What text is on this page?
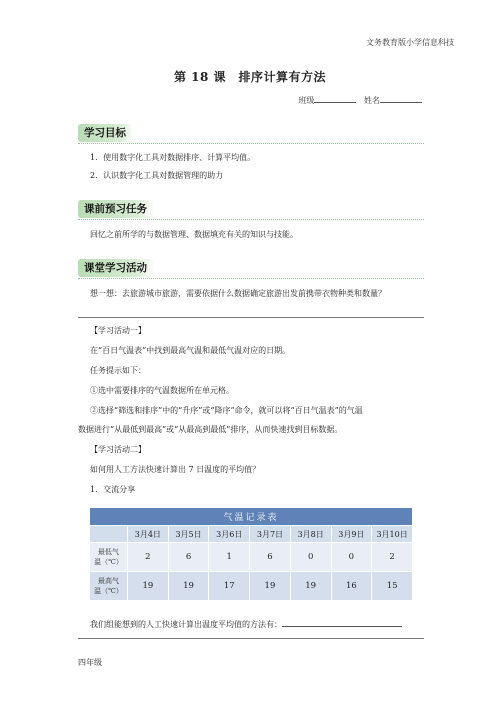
文务教育版小学信息科技
第 18 课　排序计算有方法
班级	姓名
学习目标
1．使用数字化工具对数据排序、计算平均值。
2．认识数字化工具对数据管理的助力
课前预习任务
回忆之前所学的与数据管理、数据填充有关的知识与技能。
课堂学习活动
想一想：去旅游城市旅游，需要依据什么数据确定旅游出发前携带衣物种类和数量？
【学习活动一】
在“百日气温表”中找到最高气温和最低气温对应的日期。
任务提示如下：
①选中需要排序的气温数据所在单元格。
②选择“筛选和排序”中的“升序”或“降序”命令，就可以将“百日气温表”的气温
数据进行“从最低到最高”或“从最高到最低”排序，从而快速找到目标数据。
【学习活动二】
如何用人工方法快速计算出 7 日温度的平均值？
1．交流分享
气温记录表							
	3月4日	3月5日	3月6日	3月7日	3月8日	3月9日	3月10日
最低气
温（℃）	2	6	1	6	0	0	2
最高气
温（℃）	19	19	17	19	19	16	15
我们组能想到的人工快速计算出温度平均值的方法有：
四年级
